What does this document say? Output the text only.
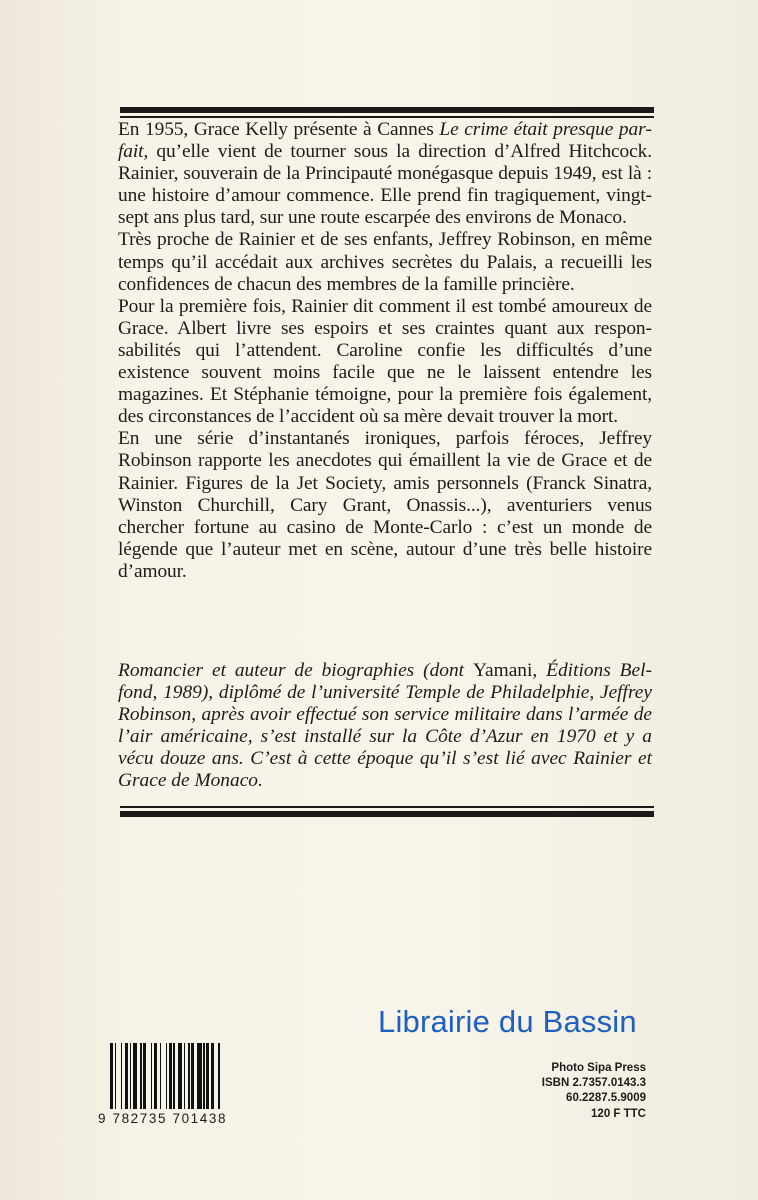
En 1955, Grace Kelly présente à Cannes Le crime était presque parfait, qu’elle vient de tourner sous la direction d’Alfred Hitchcock. Rainier, souverain de la Principauté monégasque depuis 1949, est là : une histoire d’amour commence. Elle prend fin tragiquement, vingt-sept ans plus tard, sur une route escarpée des environs de Monaco.

Très proche de Rainier et de ses enfants, Jeffrey Robinson, en même temps qu’il accédait aux archives secrètes du Palais, a recueilli les confidences de chacun des membres de la famille princière.

Pour la première fois, Rainier dit comment il est tombé amoureux de Grace. Albert livre ses espoirs et ses craintes quant aux responsabilités qui l’attendent. Caroline confie les difficultés d’une existence souvent moins facile que ne le laissent entendre les magazines. Et Stéphanie témoigne, pour la première fois également, des circonstances de l’accident où sa mère devait trouver la mort.

En une série d’instantanés ironiques, parfois féroces, Jeffrey Robinson rapporte les anecdotes qui émaillent la vie de Grace et de Rainier. Figures de la Jet Society, amis personnels (Franck Sinatra, Winston Churchill, Cary Grant, Onassis...), aventuriers venus chercher fortune au casino de Monte-Carlo : c’est un monde de légende que l’auteur met en scène, autour d’une très belle histoire d’amour.

Romancier et auteur de biographies (dont Yamani, Éditions Belfond, 1989), diplômé de l’université Temple de Philadelphie, Jeffrey Robinson, après avoir effectué son service militaire dans l’armée de l’air américaine, s’est installé sur la Côte d’Azur en 1970 et y a vécu douze ans. C’est à cette époque qu’il s’est lié avec Rainier et Grace de Monaco.
Librairie du Bassin
9 782735 701438
Photo Sipa Press
ISBN 2.7357.0143.3
60.2287.5.9009
120 F TTC
